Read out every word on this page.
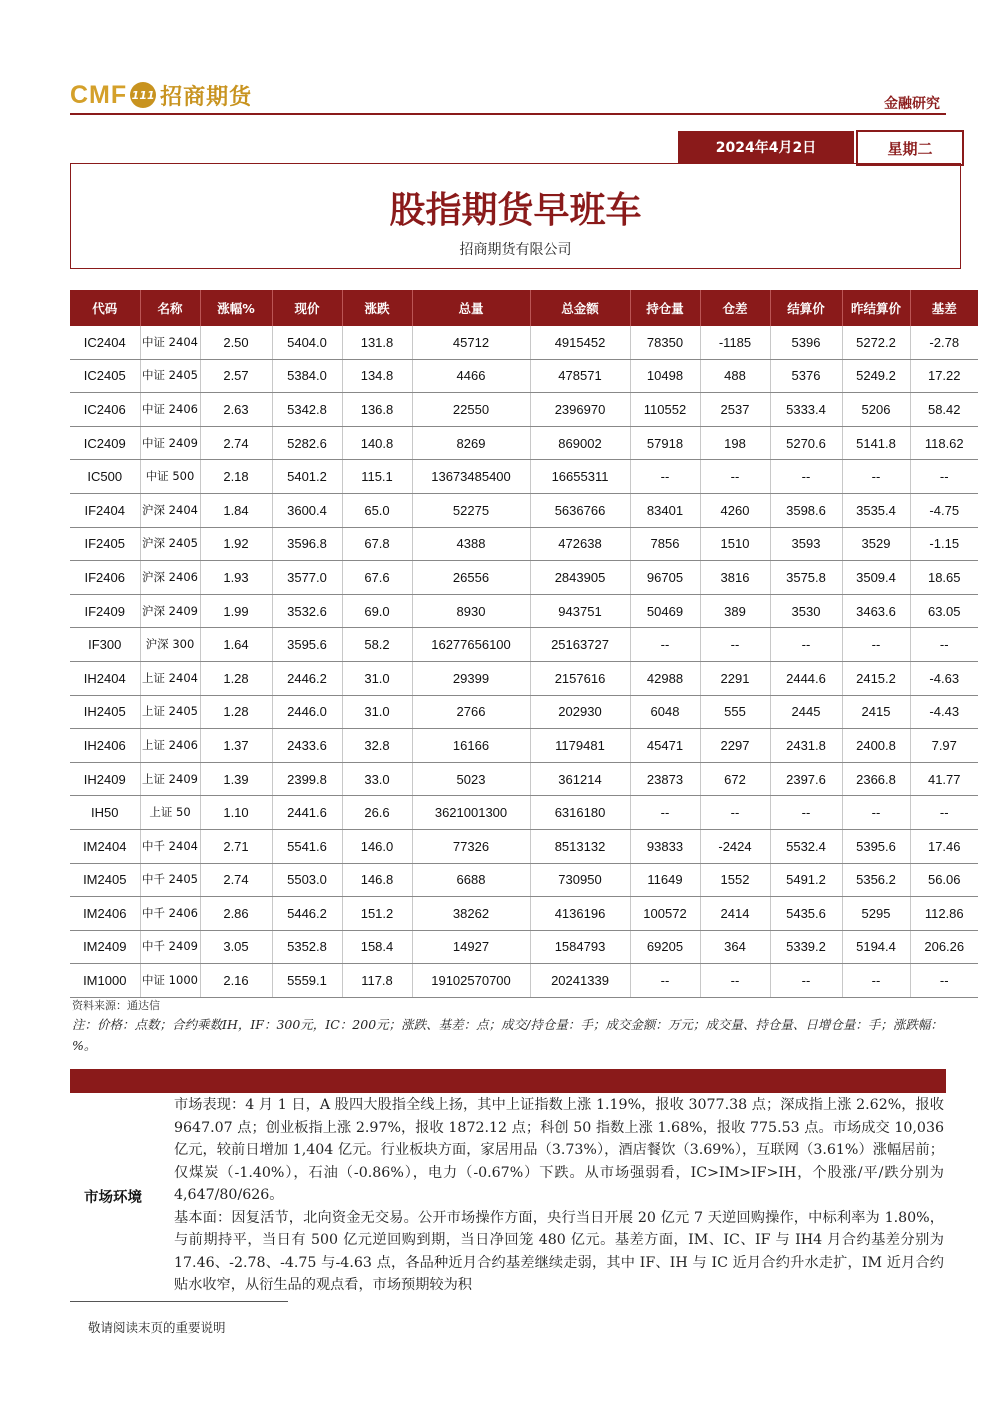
CMF 111 招商期货	金融研究
2024年4月2日	星期二
股指期货早班车
招商期货有限公司
代码	名称	涨幅%	现价	涨跌	总量	总金额	持仓量	仓差	结算价	昨结算价	基差
IC2404	中证 2404	2.50	5404.0	131.8	45712	4915452	78350	-1185	5396	5272.2	-2.78
IC2405	中证 2405	2.57	5384.0	134.8	4466	478571	10498	488	5376	5249.2	17.22
IC2406	中证 2406	2.63	5342.8	136.8	22550	2396970	110552	2537	5333.4	5206	58.42
IC2409	中证 2409	2.74	5282.6	140.8	8269	869002	57918	198	5270.6	5141.8	118.62
IC500	中证 500	2.18	5401.2	115.1	13673485400	16655311	--	--	--	--	--
IF2404	沪深 2404	1.84	3600.4	65.0	52275	5636766	83401	4260	3598.6	3535.4	-4.75
IF2405	沪深 2405	1.92	3596.8	67.8	4388	472638	7856	1510	3593	3529	-1.15
IF2406	沪深 2406	1.93	3577.0	67.6	26556	2843905	96705	3816	3575.8	3509.4	18.65
IF2409	沪深 2409	1.99	3532.6	69.0	8930	943751	50469	389	3530	3463.6	63.05
IF300	沪深 300	1.64	3595.6	58.2	16277656100	25163727	--	--	--	--	--
IH2404	上证 2404	1.28	2446.2	31.0	29399	2157616	42988	2291	2444.6	2415.2	-4.63
IH2405	上证 2405	1.28	2446.0	31.0	2766	202930	6048	555	2445	2415	-4.43
IH2406	上证 2406	1.37	2433.6	32.8	16166	1179481	45471	2297	2431.8	2400.8	7.97
IH2409	上证 2409	1.39	2399.8	33.0	5023	361214	23873	672	2397.6	2366.8	41.77
IH50	上证 50	1.10	2441.6	26.6	3621001300	6316180	--	--	--	--	--
IM2404	中千 2404	2.71	5541.6	146.0	77326	8513132	93833	-2424	5532.4	5395.6	17.46
IM2405	中千 2405	2.74	5503.0	146.8	6688	730950	11649	1552	5491.2	5356.2	56.06
IM2406	中千 2406	2.86	5446.2	151.2	38262	4136196	100572	2414	5435.6	5295	112.86
IM2409	中千 2409	3.05	5352.8	158.4	14927	1584793	69205	364	5339.2	5194.4	206.26
IM1000	中证 1000	2.16	5559.1	117.8	19102570700	20241339	--	--	--	--	--
资料来源：通达信
注：价格：点数；合约乘数IH，IF：300元，IC：200元；涨跌、基差：点；成交/持仓量：手；成交金额：万元；成交量、持仓量、日增仓量：手；涨跌幅：%。
市场环境

市场表现：4 月 1 日，A 股四大股指全线上扬，其中上证指数上涨 1.19%，报收 3077.38 点；深成指上涨 2.62%，报收 9647.07 点；创业板指上涨 2.97%，报收 1872.12 点；科创 50 指数上涨 1.68%，报收 775.53 点。市场成交 10,036 亿元，较前日增加 1,404 亿元。行业板块方面，家居用品（3.73%），酒店餐饮（3.69%），互联网（3.61%）涨幅居前；仅煤炭（-1.40%），石油（-0.86%），电力（-0.67%）下跌。从市场强弱看，IC>IM>IF>IH，个股涨/平/跌分别为 4,647/80/626。

基本面：因复活节，北向资金无交易。公开市场操作方面，央行当日开展 20 亿元 7 天逆回购操作，中标利率为 1.80%，与前期持平，当日有 500 亿元逆回购到期，当日净回笼 480 亿元。基差方面，IM、IC、IF 与 IH4 月合约基差分别为 17.46、-2.78、-4.75 与-4.63 点，各品种近月合约基差继续走弱，其中 IF、IH 与 IC 近月合约升水走扩，IM 近月合约贴水收窄，从衍生品的观点看，市场预期较为积

敬请阅读末页的重要说明
